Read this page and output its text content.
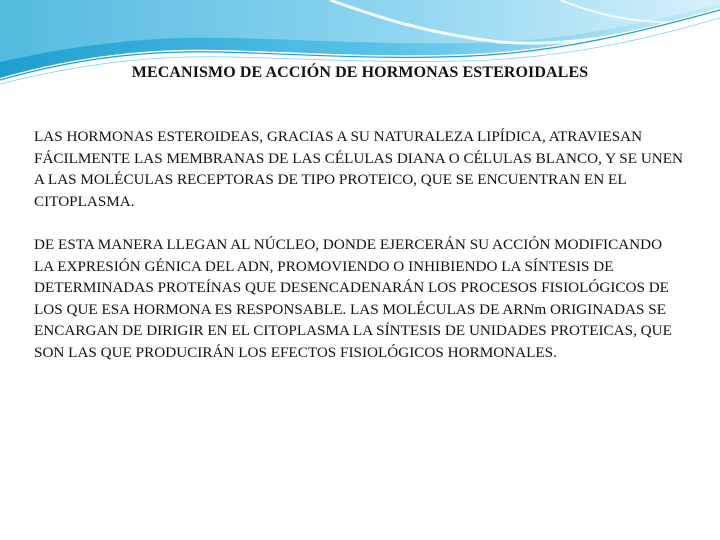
MECANISMO DE ACCIÓN DE HORMONAS ESTEROIDALES

LAS HORMONAS ESTEROIDEAS, GRACIAS A SU NATURALEZA LIPÍDICA, ATRAVIESAN FÁCILMENTE LAS MEMBRANAS DE LAS CÉLULAS DIANA O CÉLULAS BLANCO, Y SE UNEN A LAS MOLÉCULAS RECEPTORAS DE TIPO PROTEICO, QUE SE ENCUENTRAN EN EL CITOPLASMA.

DE ESTA MANERA LLEGAN AL NÚCLEO, DONDE EJERCERÁN SU ACCIÓN MODIFICANDO LA EXPRESIÓN GÉNICA DEL ADN, PROMOVIENDO O INHIBIENDO LA SÍNTESIS DE DETERMINADAS PROTEÍNAS QUE DESENCADENARÁN LOS PROCESOS FISIOLÓGICOS DE LOS QUE ESA HORMONA ES RESPONSABLE. LAS MOLÉCULAS DE ARNm ORIGINADAS SE ENCARGAN DE DIRIGIR EN EL CITOPLASMA LA SÍNTESIS DE UNIDADES PROTEICAS, QUE SON LAS QUE PRODUCIRÁN LOS EFECTOS FISIOLÓGICOS HORMONALES.
